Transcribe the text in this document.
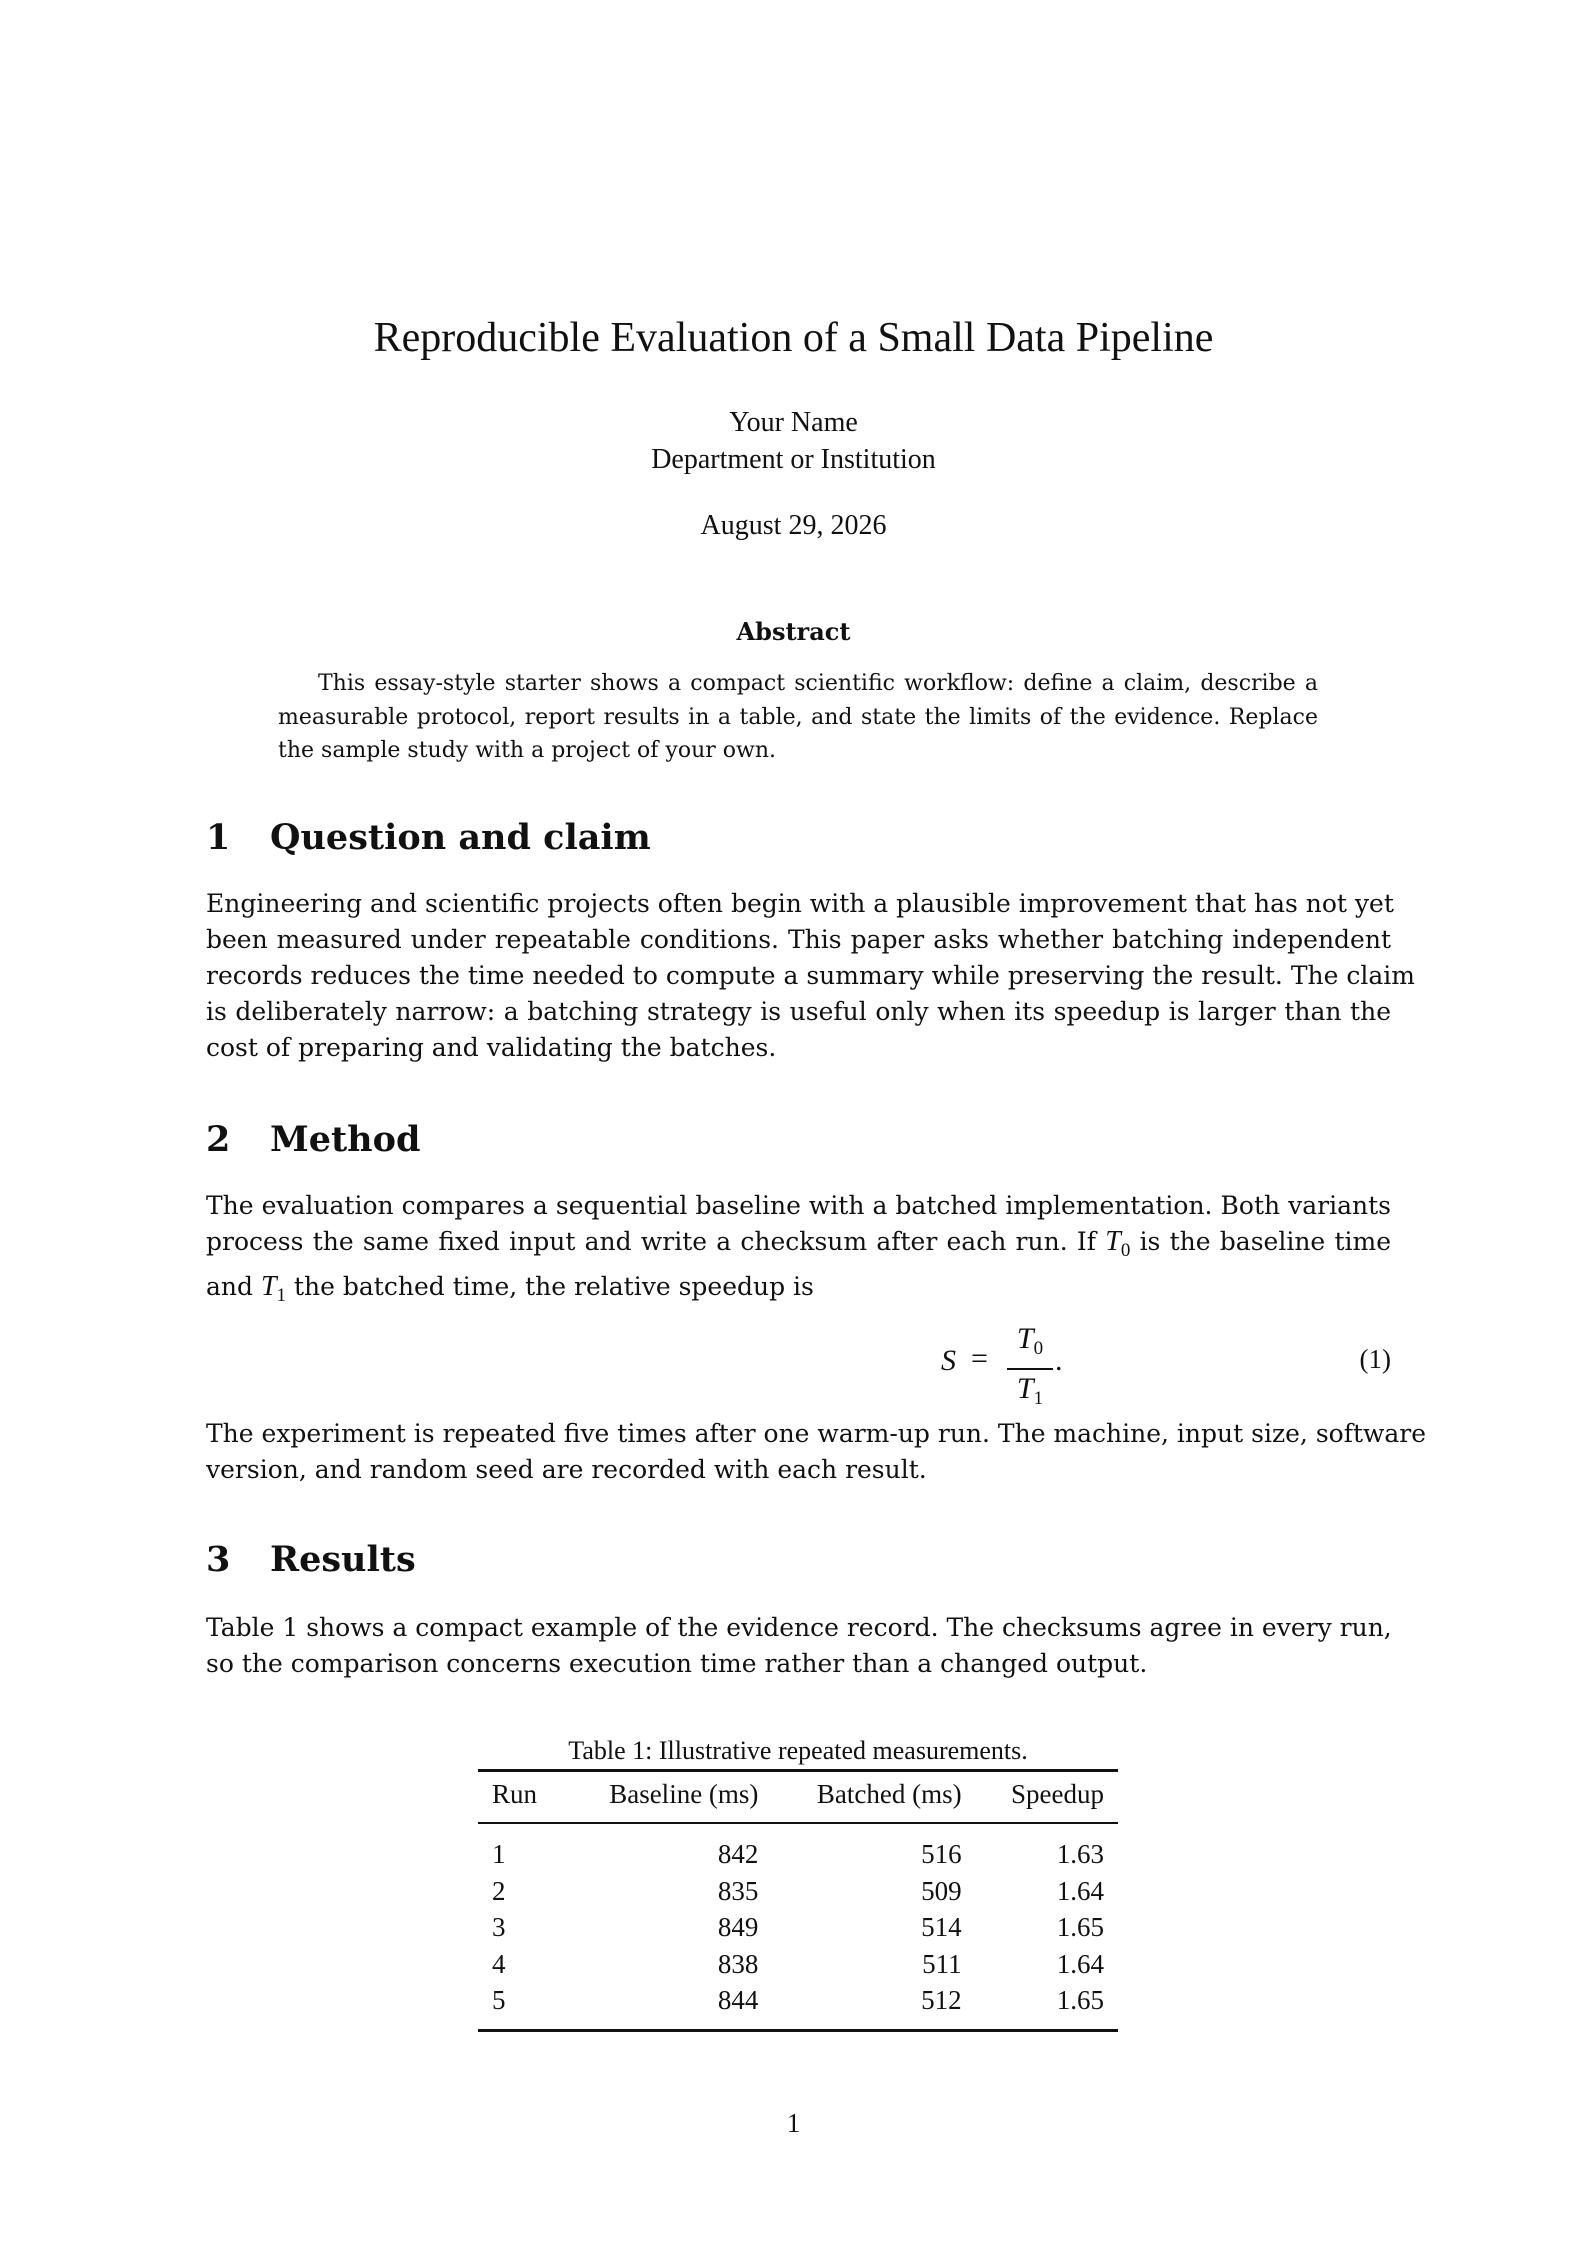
Reproducible Evaluation of a Small Data Pipeline
Your Name
Department or Institution
August 29, 2026
Abstract

This essay-style starter shows a compact scientific workflow: define a claim, describe a measurable protocol, report results in a table, and state the limits of the evidence. Replace the sample study with a project of your own.

1 Question and claim

Engineering and scientific projects often begin with a plausible improvement that has not yet
been measured under repeatable conditions. This paper asks whether batching independent
records reduces the time needed to compute a summary while preserving the result. The claim
is deliberately narrow: a batching strategy is useful only when its speedup is larger than the
cost of preparing and validating the batches.

2 Method

The evaluation compares a sequential baseline with a batched implementation. Both variants
process the same fixed input and write a checksum after each run. If $T_0$ is the baseline time
and $T_1$ the batched time, the relative speedup is

S =
$T_0$
$T_1$
.	(1)

The experiment is repeated five times after one warm-up run. The machine, input size, software
version, and random seed are recorded with each result.

3 Results

Table 1 shows a compact example of the evidence record. The checksums agree in every run,
so the comparison concerns execution time rather than a changed output.

Table 1: Illustrative repeated measurements.

Run	Baseline (ms)	Batched (ms)	Speedup
1	842	516	1.63
2	835	509	1.64
3	849	514	1.65
4	838	511	1.64
5	844	512	1.65
1
